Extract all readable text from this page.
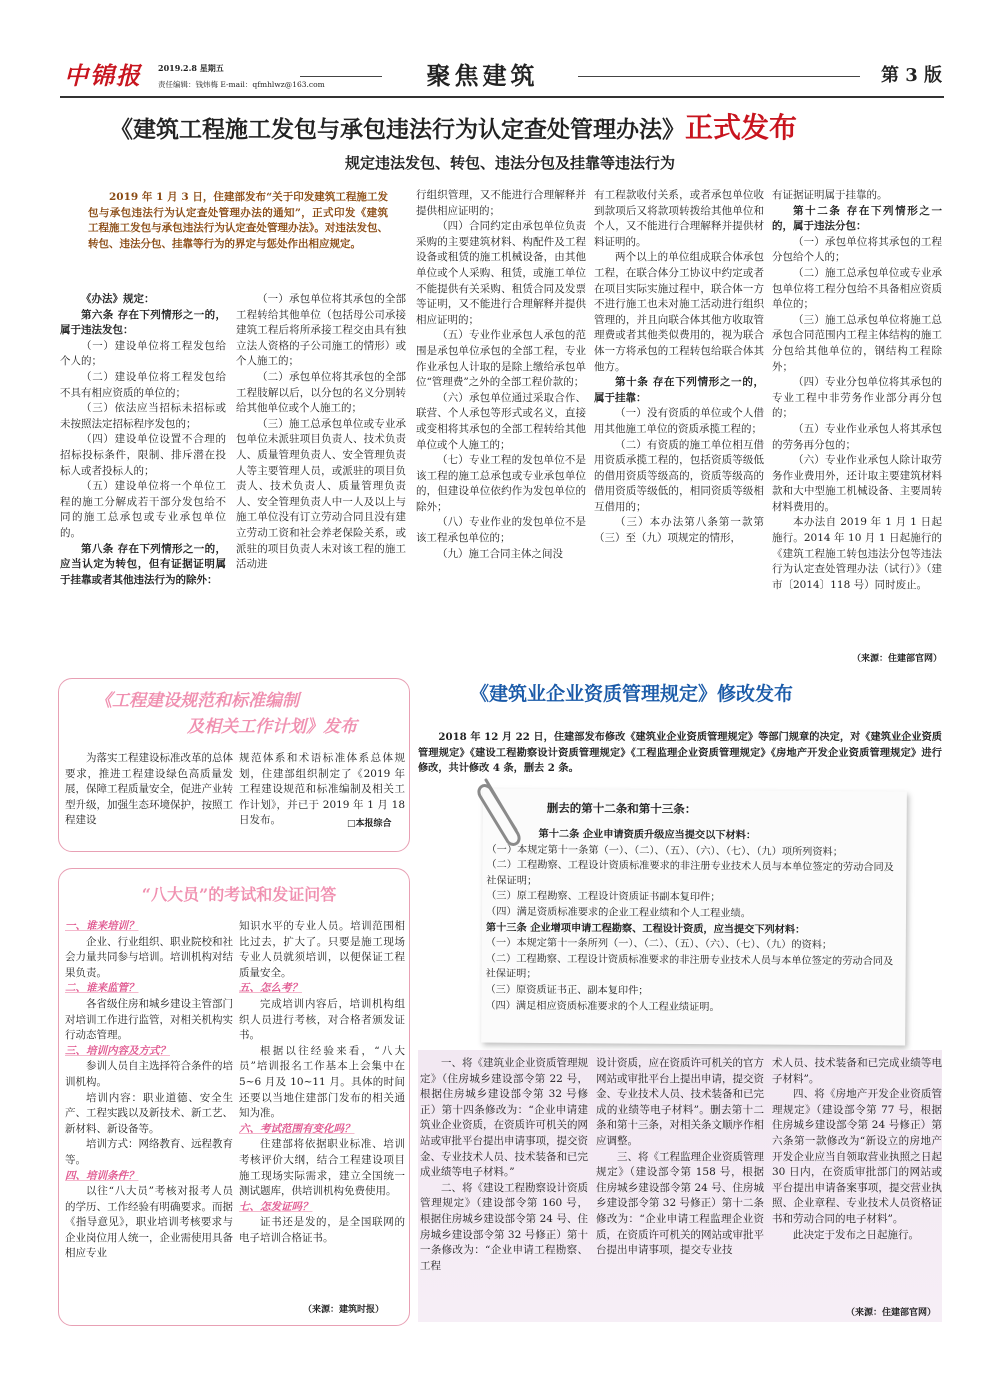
中锦报	2019.2.8 星期五
责任编辑：钱炜梅 E-mail：qfmhlwz@163.com	聚焦建筑	第 3 版
《建筑工程施工发包与承包违法行为认定查处管理办法》正式发布
规定违法发包、转包、违法分包及挂靠等违法行为
2019 年 1 月 3 日，住建部发布“关于印发建筑工程施工发包与承包违法行为认定查处管理办法的通知”，正式印发《建筑工程施工发包与承包违法行为认定查处管理办法》。对违法发包、转包、违法分包、挂靠等行为的界定与惩处作出相应规定。
《办法》规定：
第六条 存在下列情形之一的，属于违法发包：
（一）建设单位将工程发包给个人的；
（二）建设单位将工程发包给不具有相应资质的单位的；
（三）依法应当招标未招标或未按照法定招标程序发包的；
（四）建设单位设置不合理的招标投标条件，限制、排斥潜在投标人或者投标人的；
（五）建设单位将一个单位工程的施工分解成若干部分发包给不同的施工总承包或专业承包单位的。
第八条 存在下列情形之一的，应当认定为转包，但有证据证明属于挂靠或者其他违法行为的除外：
（一）承包单位将其承包的全部工程转给其他单位（包括母公司承接建筑工程后将所承接工程交由具有独立法人资格的子公司施工的情形）或个人施工的；
（二）承包单位将其承包的全部工程肢解以后，以分包的名义分别转给其他单位或个人施工的；
（三）施工总承包单位或专业承包单位未派驻项目负责人、技术负责人、质量管理负责人、安全管理负责人等主要管理人员，或派驻的项目负责人、技术负责人、质量管理负责人、安全管理负责人中一人及以上与施工单位没有订立劳动合同且没有建立劳动工资和社会养老保险关系，或派驻的项目负责人未对该工程的施工活动进
行组织管理，又不能进行合理解释并提供相应证明的；
（四）合同约定由承包单位负责采购的主要建筑材料、构配件及工程设备或租赁的施工机械设备，由其他单位或个人采购、租赁，或施工单位不能提供有关采购、租赁合同及发票等证明，又不能进行合理解释并提供相应证明的；
（五）专业作业承包人承包的范围是承包单位承包的全部工程，专业作业承包人计取的是除上缴给承包单位“管理费”之外的全部工程价款的；
（六）承包单位通过采取合作、联营、个人承包等形式或名义，直接或变相将其承包的全部工程转给其他单位或个人施工的；
（七）专业工程的发包单位不是该工程的施工总承包或专业承包单位的，但建设单位依约作为发包单位的除外；
（八）专业作业的发包单位不是该工程承包单位的；
（九）施工合同主体之间没
有工程款收付关系，或者承包单位收到款项后又将款项转拨给其他单位和个人，又不能进行合理解释并提供材料证明的。
两个以上的单位组成联合体承包工程，在联合体分工协议中约定或者在项目实际实施过程中，联合体一方不进行施工也未对施工活动进行组织管理的，并且向联合体其他方收取管理费或者其他类似费用的，视为联合体一方将承包的工程转包给联合体其他方。
第十条 存在下列情形之一的，属于挂靠：
（一）没有资质的单位或个人借用其他施工单位的资质承揽工程的；
（二）有资质的施工单位相互借用资质承揽工程的，包括资质等级低的借用资质等级高的，资质等级高的借用资质等级低的，相同资质等级相互借用的；
（三）本办法第八条第一款第（三）至（九）项规定的情形，
有证据证明属于挂靠的。
第十二条 存在下列情形之一的，属于违法分包：
（一）承包单位将其承包的工程分包给个人的；
（二）施工总承包单位或专业承包单位将工程分包给不具备相应资质单位的；
（三）施工总承包单位将施工总承包合同范围内工程主体结构的施工分包给其他单位的，钢结构工程除外；
（四）专业分包单位将其承包的专业工程中非劳务作业部分再分包的；
（五）专业作业承包人将其承包的劳务再分包的；
（六）专业作业承包人除计取劳务作业费用外，还计取主要建筑材料款和大中型施工机械设备、主要周转材料费用的。
本办法自 2019 年 1 月 1 日起施行。2014 年 10 月 1 日起施行的《建筑工程施工转包违法分包等违法行为认定查处管理办法（试行）》（建市〔2014〕118 号）同时废止。
（来源：住建部官网）
《工程建设规范和标准编制
及相关工作计划》发布
为落实工程建设标准改革的总体要求，推进工程建设绿色高质量发展，保障工程质量安全，促进产业转型升级，加强生态环境保护，按照工程建设
规范体系和术语标准体系总体规划，住建部组织制定了《2019 年工程建设规范和标准编制及相关工作计划》，并已于 2019 年 1 月 18 日发布。	□本报综合
“八大员”的考试和发证问答
一、谁来培训？
企业、行业组织、职业院校和社会力量共同参与培训。培训机构对结果负责。
二、谁来监管？
各省级住房和城乡建设主管部门对培训工作进行监管，对相关机构实行动态管理。
三、培训内容及方式？
参训人员自主选择符合条件的培训机构。
培训内容：职业道德、安全生产、工程实践以及新技术、新工艺、新材料、新设备等。
培训方式：网络教育、远程教育等。
四、培训条件？
以往“八大员”考核对报考人员的学历、工作经验有明确要求。而据《指导意见》，职业培训考核要求与企业岗位用人统一，企业需使用具备相应专业
知识水平的专业人员。培训范围相比过去，扩大了。只要是施工现场专业人员就须培训，以便保证工程质量安全。
五、怎么考？
完成培训内容后，培训机构组织人员进行考核，对合格者颁发证书。
根据以往经验来看，“八大员”培训报名工作基本上会集中在 5~6 月及 10~11 月。具体的时间还要以当地住建部门发布的相关通知为准。
六、考试范围有变化吗？
住建部将依据职业标准、培训考核评价大纲，结合工程建设项目施工现场实际需求，建立全国统一测试题库，供培训机构免费使用。
七、怎发证吗？
证书还是发的，是全国联网的电子培训合格证书。
（来源：建筑时报）
《建筑业企业资质管理规定》修改发布
2018 年 12 月 22 日，住建部发布修改《建筑业企业资质管理规定》等部门规章的决定，对《建筑业企业资质管理规定》《建设工程勘察设计资质管理规定》《工程监理企业资质管理规定》《房地产开发企业资质管理规定》进行修改，共计修改 4 条，删去 2 条。
删去的第十二条和第十三条：
第十二条 企业申请资质升级应当提交以下材料：
（一）本规定第十一条第（一）、（二）、（五）、（六）、（七）、（九）项所列资料；
（二）工程勘察、工程设计资质标准要求的非注册专业技术人员与本单位签定的劳动合同及社保证明；
（三）原工程勘察、工程设计资质证书副本复印件；
（四）满足资质标准要求的企业工程业绩和个人工程业绩。
第十三条 企业增项申请工程勘察、工程设计资质，应当提交下列材料：
（一）本规定第十一条所列（一）、（二）、（五）、（六）、（七）、（九）的资料；
（二）工程勘察、工程设计资质标准要求的非注册专业技术人员与本单位签定的劳动合同及社保证明；
（三）原资质证书正、副本复印件；
（四）满足相应资质标准要求的个人工程业绩证明。
一、将《建筑业企业资质管理规定》（住房城乡建设部令第 22 号，根据住房城乡建设部令第 32 号修正）第十四条修改为：“企业申请建筑业企业资质，在资质许可机关的网站或审批平台提出申请事项，提交资金、专业技术人员、技术装备和已完成业绩等电子材料。”
二、将《建设工程勘察设计资质管理规定》（建设部令第 160 号，根据住房城乡建设部令第 24 号、住房城乡建设部令第 32 号修正）第十一条修改为：“企业申请工程勘察、工程
设计资质，应在资质许可机关的官方网站或审批平台上提出申请，提交资金、专业技术人员、技术装备和已完成的业绩等电子材料”。删去第十二条和第十三条，对相关条文顺序作相应调整。
三、将《工程监理企业资质管理规定》（建设部令第 158 号，根据住房城乡建设部令第 24 号、住房城乡建设部令第 32 号修正）第十二条修改为：“企业申请工程监理企业资质，在资质许可机关的网站或审批平台提出申请事项，提交专业技
术人员、技术装备和已完成业绩等电子材料”。
四、将《房地产开发企业资质管理规定》（建设部令第 77 号，根据住房城乡建设部令第 24 号修正）第六条第一款修改为“新设立的房地产开发企业应当自领取营业执照之日起 30 日内，在资质审批部门的网站或平台提出申请备案事项，提交营业执照、企业章程、专业技术人员资格证书和劳动合同的电子材料”。
此决定于发布之日起施行。
（来源：住建部官网）
